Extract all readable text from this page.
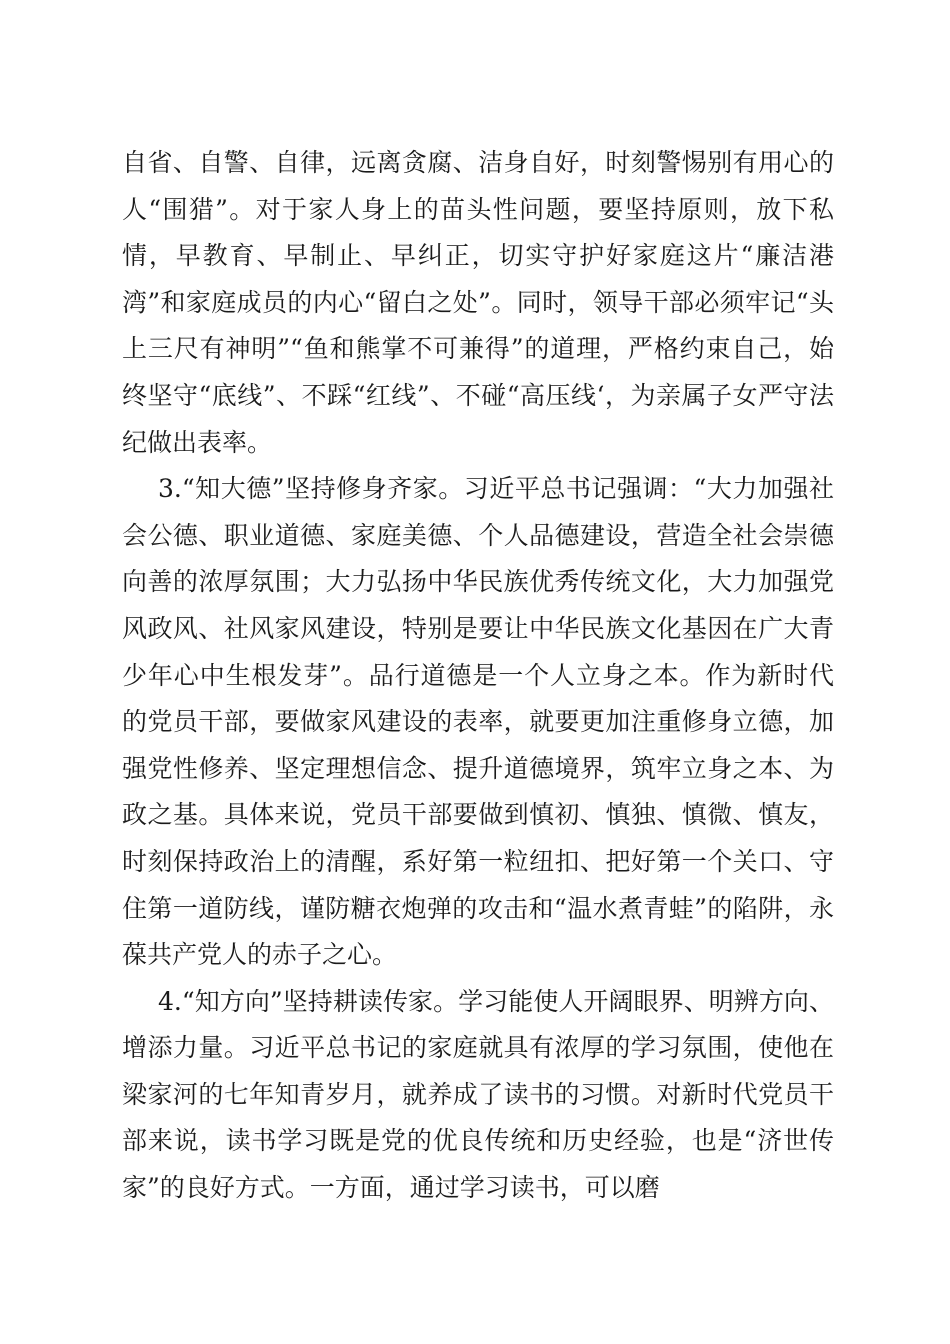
自省、自警、自律，远离贪腐、洁身自好，时刻警惕别有用心的人“围猎”。对于家人身上的苗头性问题，要坚持原则，放下私情，早教育、早制止、早纠正，切实守护好家庭这片“廉洁港湾”和家庭成员的内心“留白之处”。同时，领导干部必须牢记“头上三尺有神明”“鱼和熊掌不可兼得”的道理，严格约束自己，始终坚守“底线”、不踩“红线”、不碰“高压线‘，为亲属子女严守法纪做出表率。

3.“知大德”坚持修身齐家。习近平总书记强调：“大力加强社会公德、职业道德、家庭美德、个人品德建设，营造全社会崇德向善的浓厚氛围；大力弘扬中华民族优秀传统文化，大力加强党风政风、社风家风建设，特别是要让中华民族文化基因在广大青少年心中生根发芽”。品行道德是一个人立身之本。作为新时代的党员干部，要做家风建设的表率，就要更加注重修身立德，加强党性修养、坚定理想信念、提升道德境界，筑牢立身之本、为政之基。具体来说，党员干部要做到慎初、慎独、慎微、慎友，时刻保持政治上的清醒，系好第一粒纽扣、把好第一个关口、守住第一道防线，谨防糖衣炮弹的攻击和“温水煮青蛙”的陷阱，永葆共产党人的赤子之心。

4.“知方向”坚持耕读传家。学习能使人开阔眼界、明辨方向、增添力量。习近平总书记的家庭就具有浓厚的学习氛围，使他在梁家河的七年知青岁月，就养成了读书的习惯。对新时代党员干部来说，读书学习既是党的优良传统和历史经验，也是“济世传家”的良好方式。一方面，通过学习读书，可以磨
